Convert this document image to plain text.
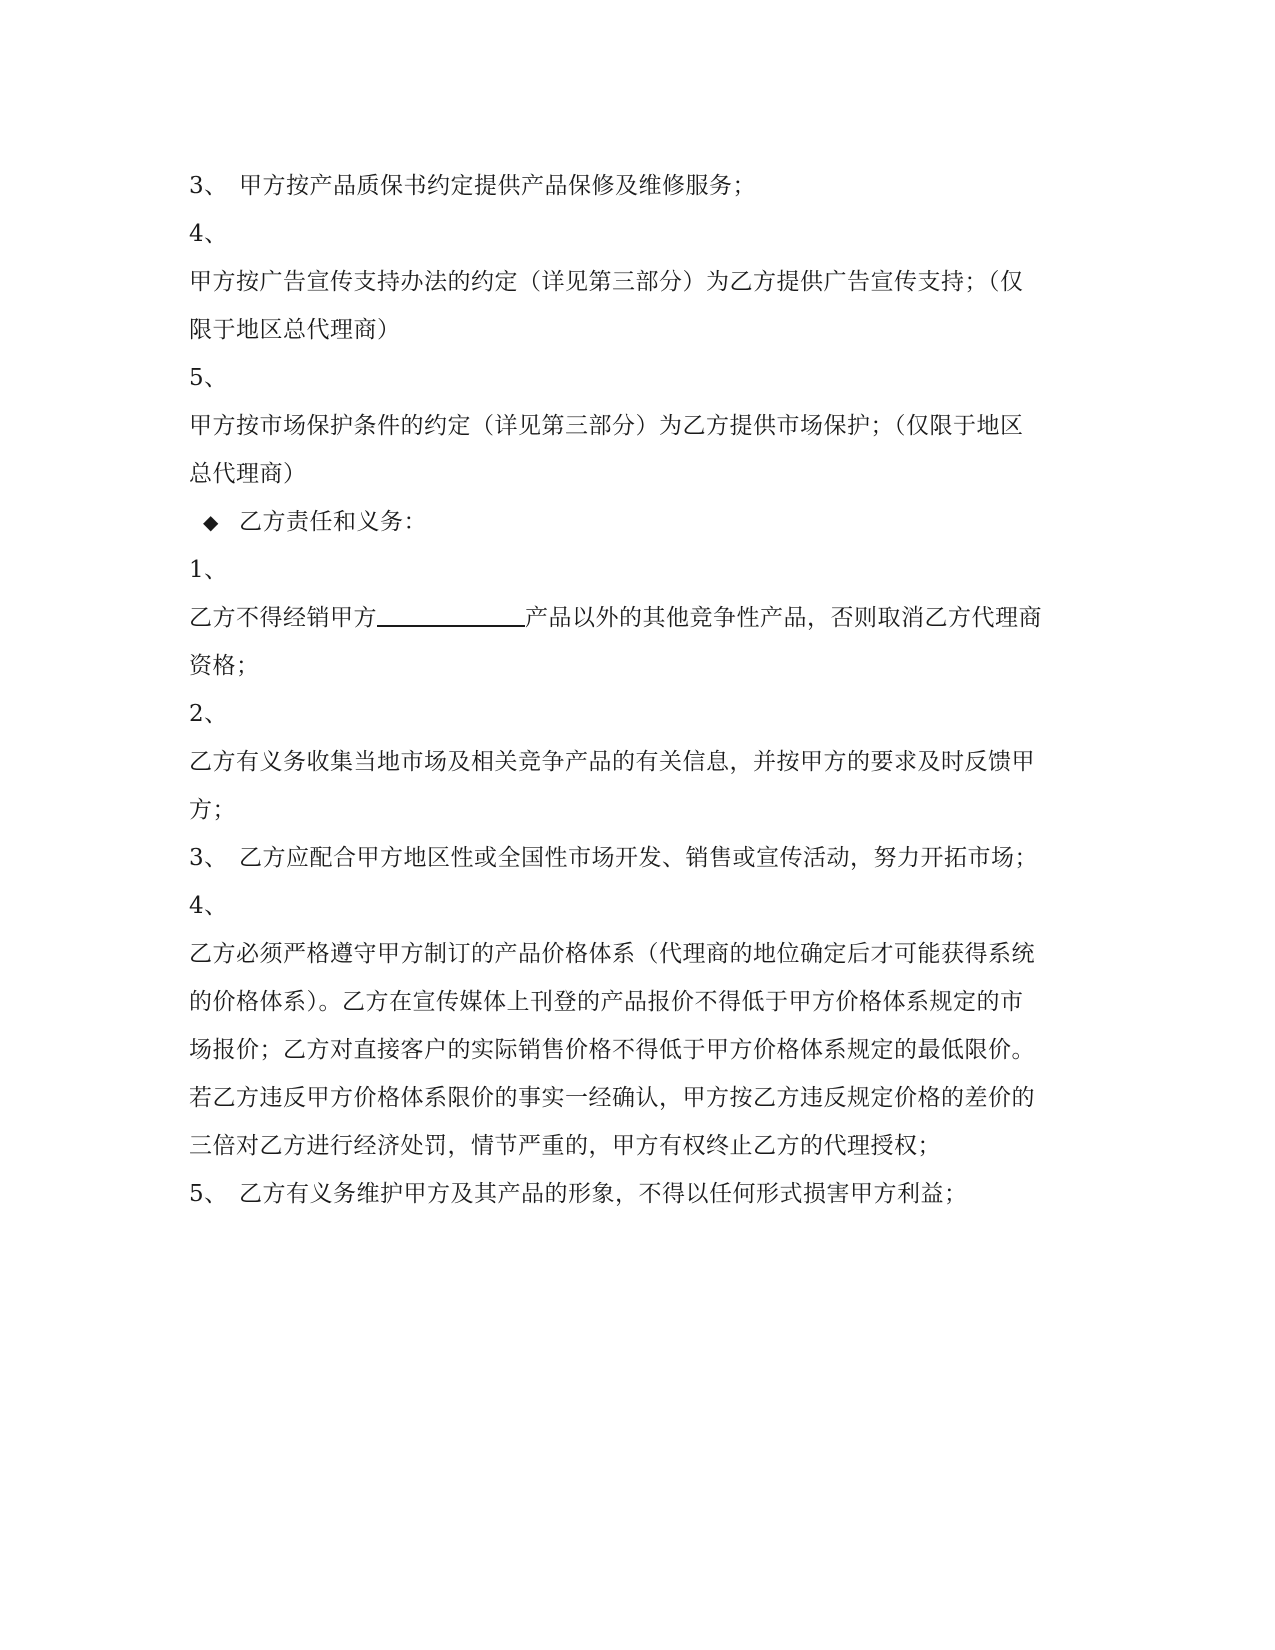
3、 甲方按产品质保书约定提供产品保修及维修服务；
4、
甲方按广告宣传支持办法的约定（详见第三部分）为乙方提供广告宣传支持；（仅
限于地区总代理商）
5、
甲方按市场保护条件的约定（详见第三部分）为乙方提供市场保护；（仅限于地区
总代理商）
◆ 乙方责任和义务：
1、
乙方不得经销甲方	产品以外的其他竞争性产品，否则取消乙方代理商
资格；
2、
乙方有义务收集当地市场及相关竞争产品的有关信息，并按甲方的要求及时反馈甲
方；
3、 乙方应配合甲方地区性或全国性市场开发、销售或宣传活动，努力开拓市场；
4、
乙方必须严格遵守甲方制订的产品价格体系（代理商的地位确定后才可能获得系统
的价格体系）。乙方在宣传媒体上刊登的产品报价不得低于甲方价格体系规定的市
场报价；乙方对直接客户的实际销售价格不得低于甲方价格体系规定的最低限价。
若乙方违反甲方价格体系限价的事实一经确认，甲方按乙方违反规定价格的差价的
三倍对乙方进行经济处罚，情节严重的，甲方有权终止乙方的代理授权；
5、 乙方有义务维护甲方及其产品的形象，不得以任何形式损害甲方利益；
